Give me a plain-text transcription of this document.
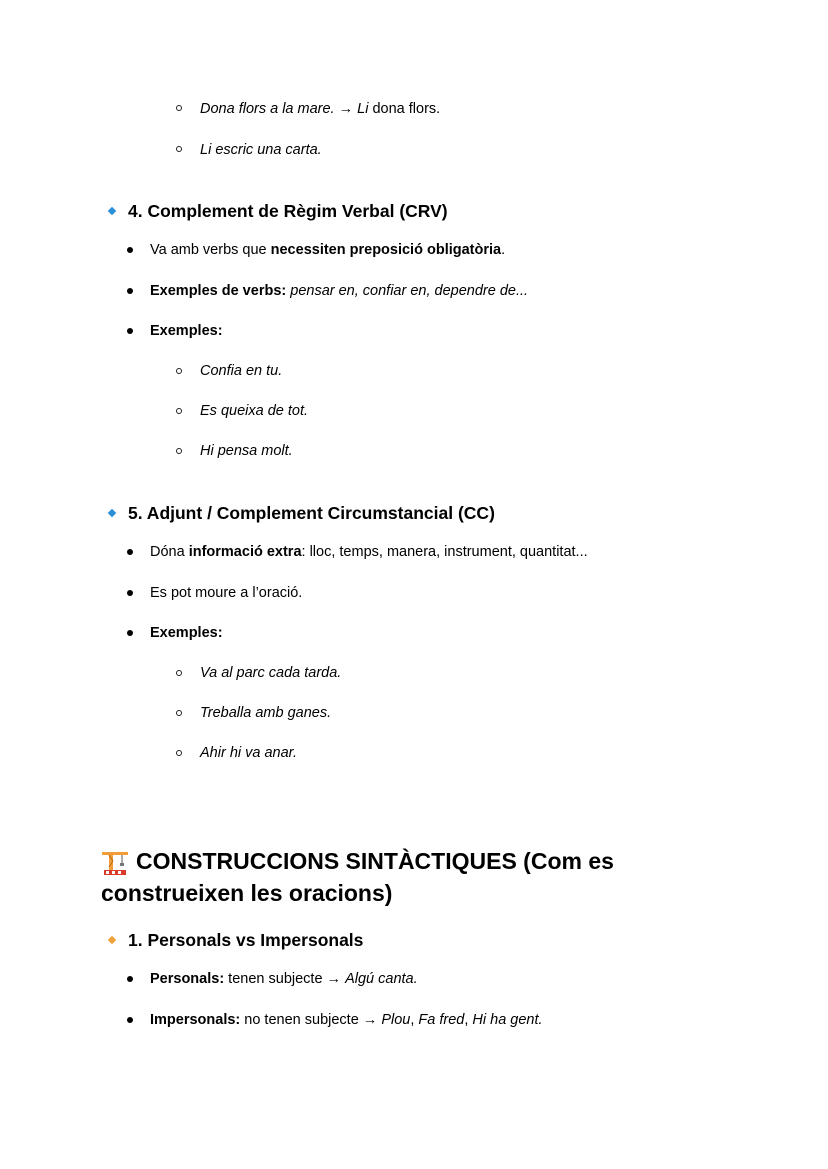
Dona flors a la mare. → Li dona flors.
Li escric una carta.
4. Complement de Règim Verbal (CRV)
Va amb verbs que necessiten preposició obligatòria.
Exemples de verbs: pensar en, confiar en, dependre de...
Exemples:
Confia en tu.
Es queixa de tot.
Hi pensa molt.
5. Adjunt / Complement Circumstancial (CC)
Dóna informació extra: lloc, temps, manera, instrument, quantitat...
Es pot moure a l’oració.
Exemples:
Va al parc cada tarda.
Treballa amb ganes.
Ahir hi va anar.
CONSTRUCCIONS SINTÀCTIQUES (Com es
construeixen les oracions)
1. Personals vs Impersonals
Personals: tenen subjecte → Algú canta.
Impersonals: no tenen subjecte → Plou, Fa fred, Hi ha gent.
